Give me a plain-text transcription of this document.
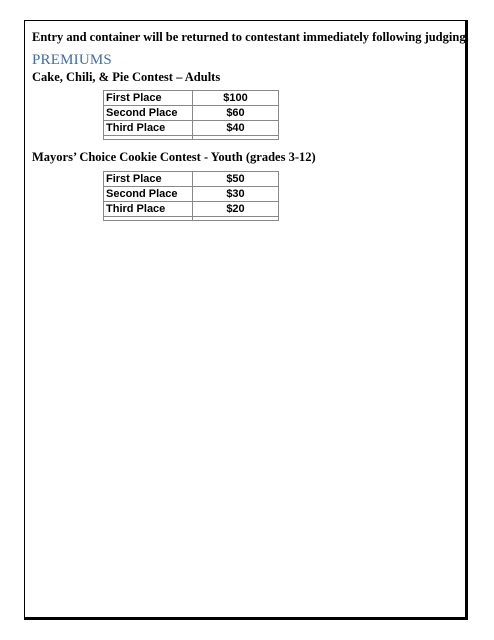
Entry and container will be returned to contestant immediately following judging.
PREMIUMS
Cake, Chili, & Pie Contest – Adults
First Place	$100
Second Place	$60
Third Place	$40

Mayors’ Choice Cookie Contest - Youth (grades 3-12)
First Place	$50
Second Place	$30
Third Place	$20
